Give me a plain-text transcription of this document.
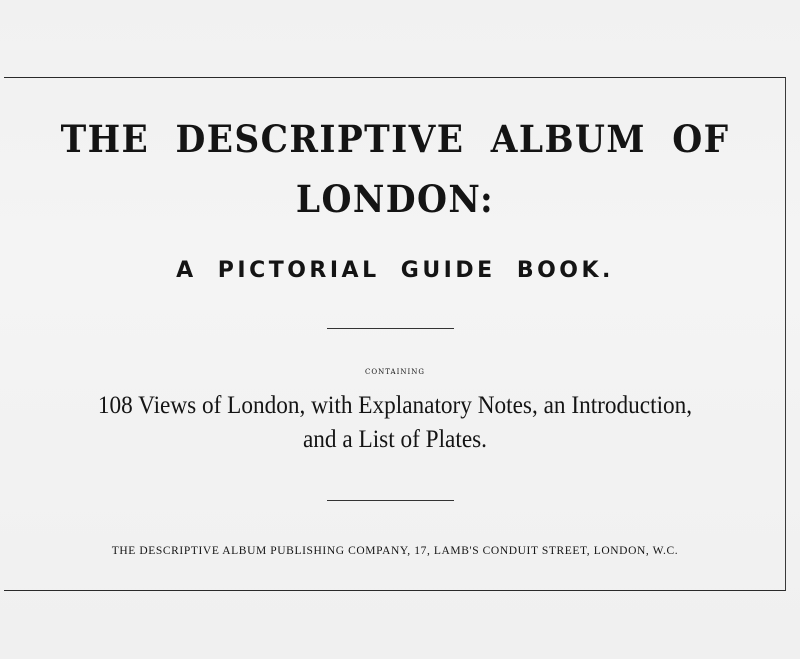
THE DESCRIPTIVE ALBUM OF
LONDON:
A PICTORIAL GUIDE BOOK.
CONTAINING
108 Views of London, with Explanatory Notes, an Introduction,
and a List of Plates.
THE DESCRIPTIVE ALBUM PUBLISHING COMPANY, 17, LAMB'S CONDUIT STREET, LONDON, W.C.
